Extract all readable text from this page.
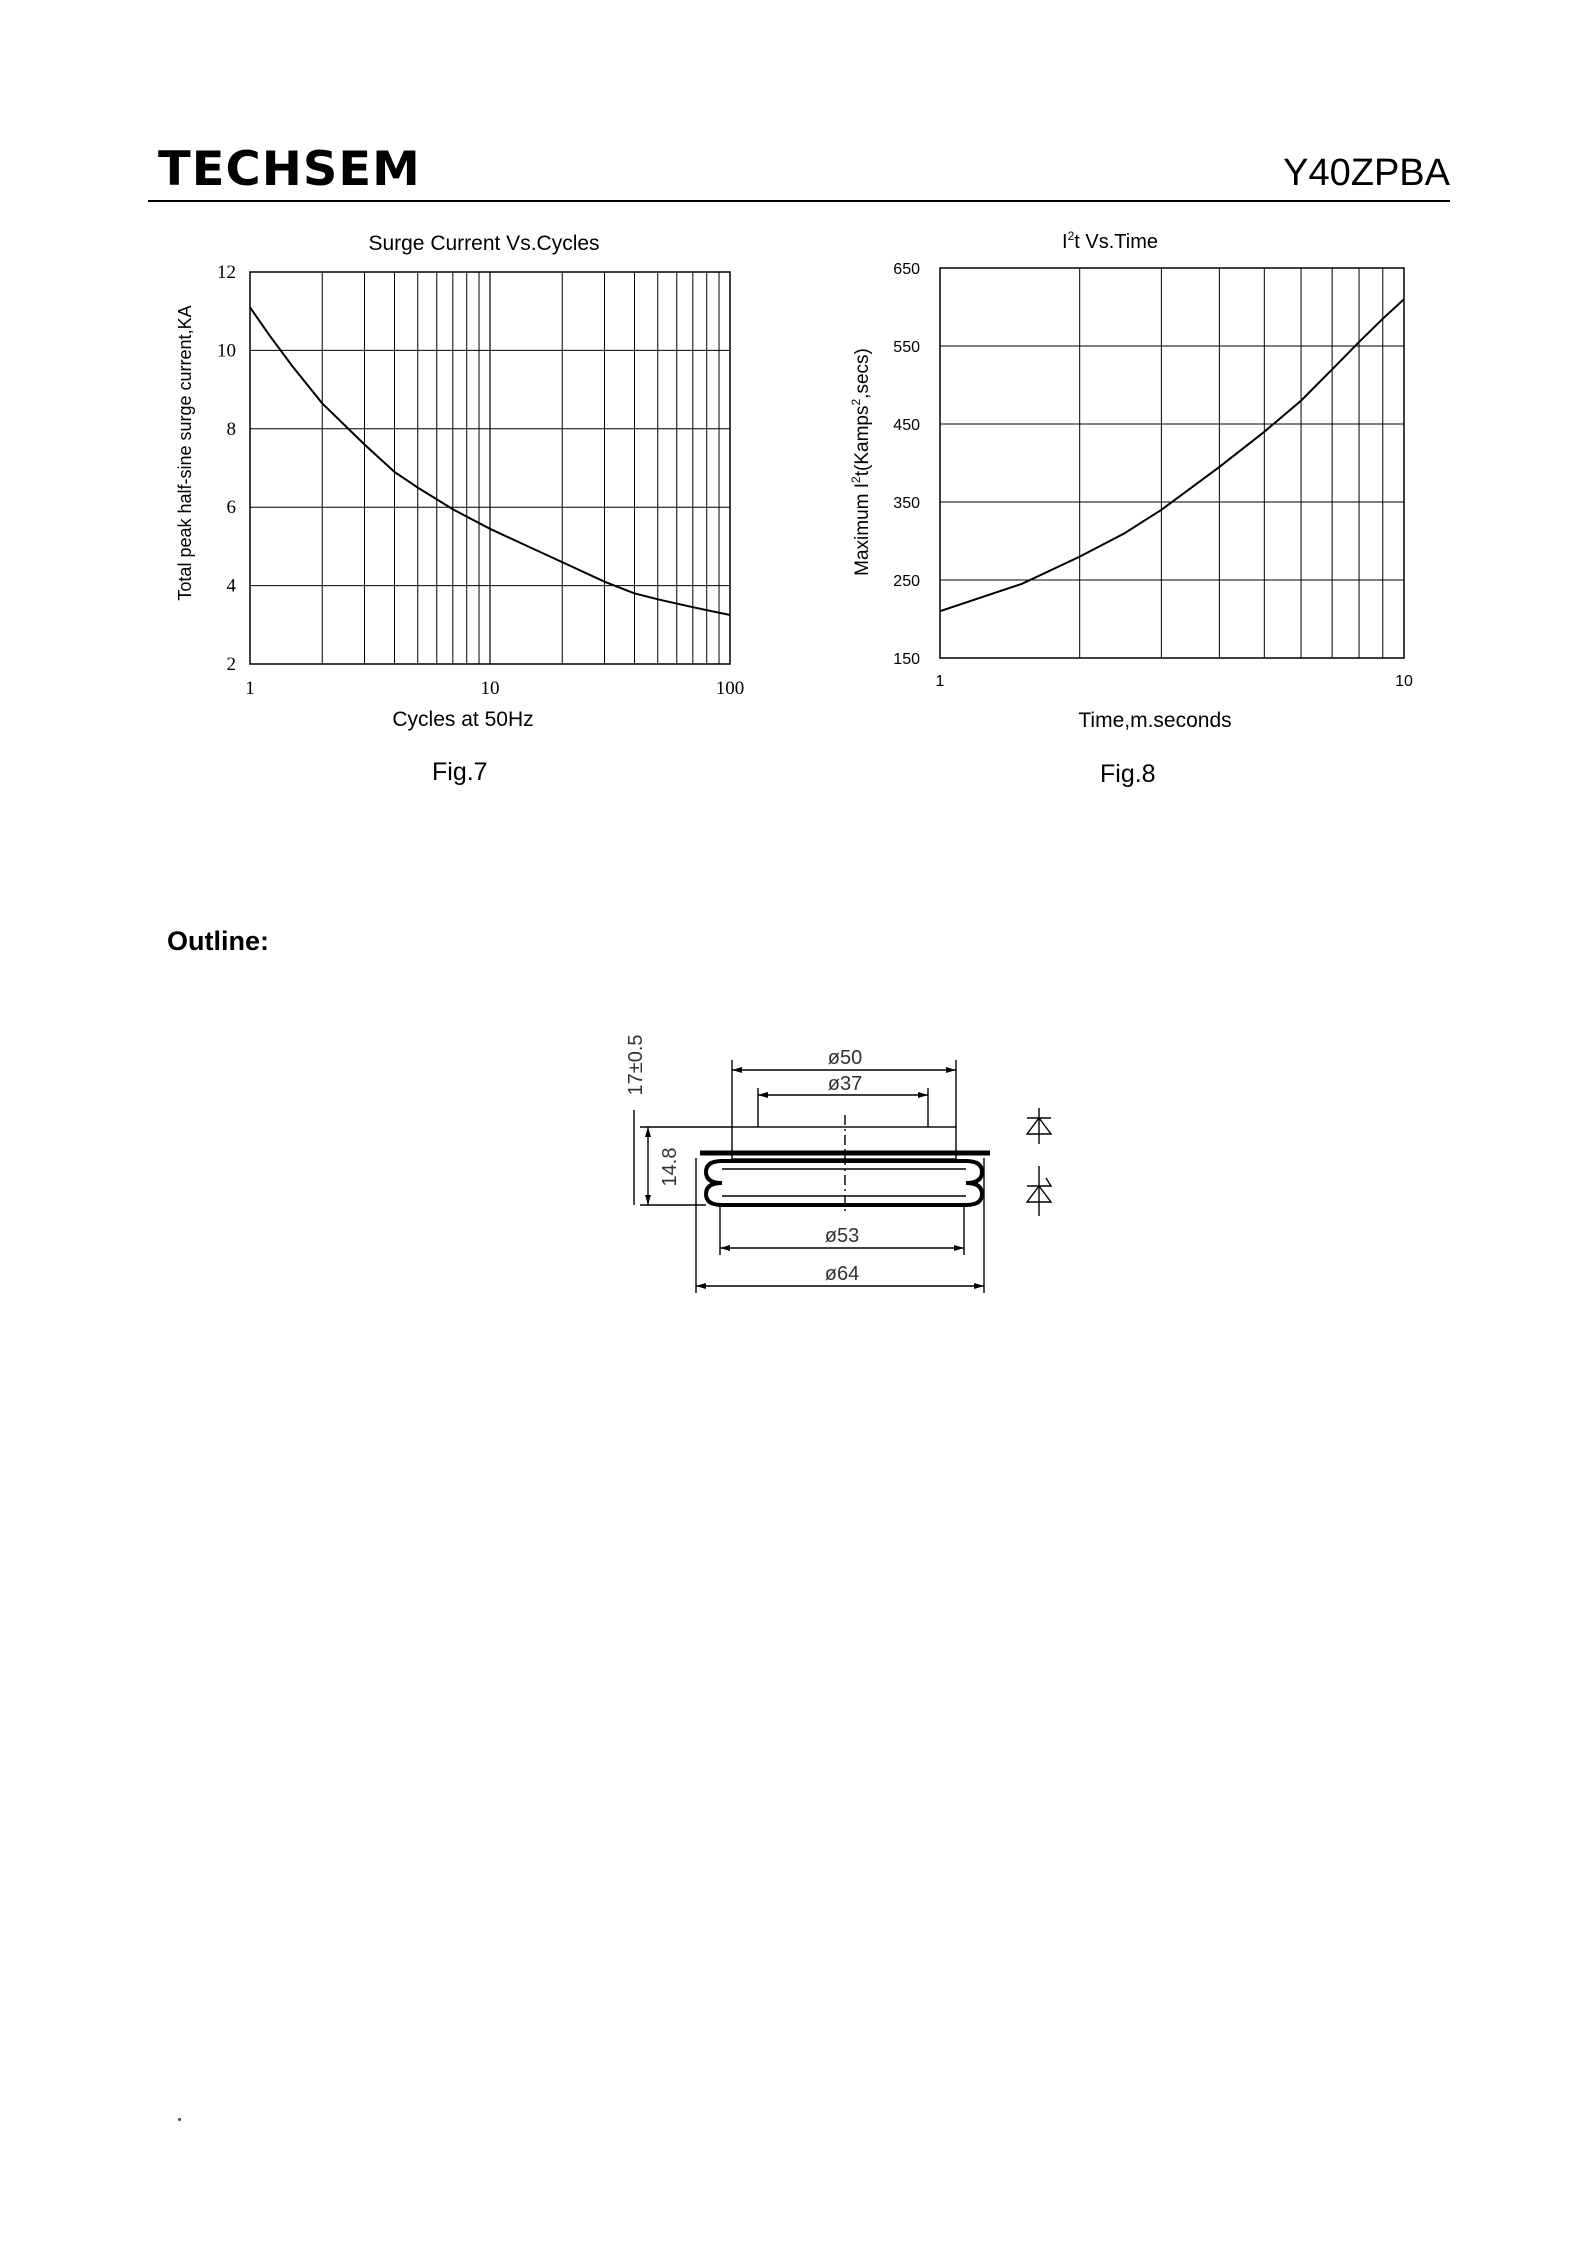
TECHSEM	Y40ZPBA
Surge Current Vs.Cycles
2
4
6
8
10
12
1	10	100
Cycles at 50Hz
Total peak half-sine surge current,KA
$I^2t$ Vs.Time
150
250
350
450
550
650
1	10
Time,m.seconds
Maximum $I^2t(Kamps^2,\sec s)$
Fig.7	Fig.8
Outline:
ø50
ø37
ø53
ø64
17±0.5
14.8
